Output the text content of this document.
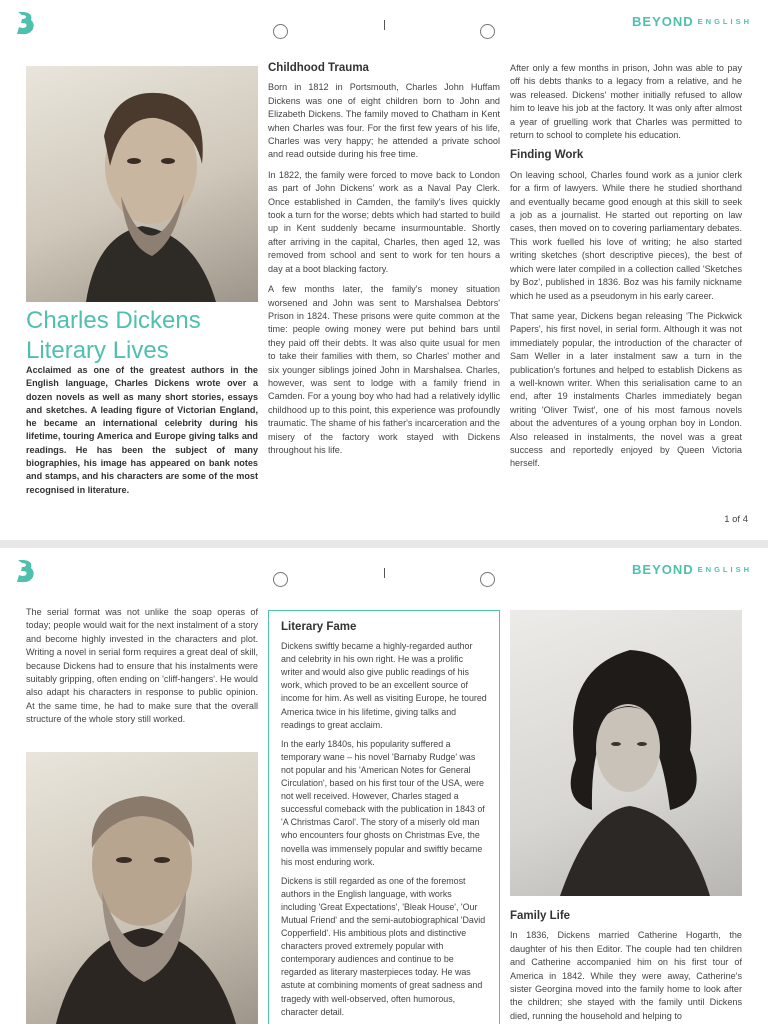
BEYOND $^{ENGLISH}$
Charles Dickens
Literary Lives
Acclaimed as one of the greatest authors in the English language, Charles Dickens wrote over a dozen novels as well as many short stories, essays and sketches. A leading figure of Victorian England, he became an international celebrity during his lifetime, touring America and Europe giving talks and readings. He has been the subject of many biographies, his image has appeared on bank notes and stamps, and his characters are some of the most recognised in literature.
Childhood Trauma

Born in 1812 in Portsmouth, Charles John Huffam Dickens was one of eight children born to John and Elizabeth Dickens. The family moved to Chatham in Kent when Charles was four. For the first few years of his life, Charles was very happy; he attended a private school and read outside during his free time.

In 1822, the family were forced to move back to London as part of John Dickens' work as a Naval Pay Clerk. Once established in Camden, the family's lives quickly took a turn for the worse; debts which had started to build up in Kent suddenly became insurmountable. Shortly after arriving in the capital, Charles, then aged 12, was removed from school and sent to work for ten hours a day at a boot blacking factory.

A few months later, the family's money situation worsened and John was sent to Marshalsea Debtors' Prison in 1824. These prisons were quite common at the time: people owing money were put behind bars until they paid off their debts. It was also quite usual for men to take their families with them, so Charles' mother and six younger siblings joined John in Marshalsea. Charles, however, was sent to lodge with a family friend in Camden. For a young boy who had had a relatively idyllic childhood up to this point, this experience was profoundly traumatic. The shame of his father's incarceration and the misery of the factory work stayed with Dickens throughout his life.

After only a few months in prison, John was able to pay off his debts thanks to a legacy from a relative, and he was released. Dickens' mother initially refused to allow him to leave his job at the factory. It was only after almost a year of gruelling work that Charles was permitted to return to school to complete his education.

Finding Work

On leaving school, Charles found work as a junior clerk for a firm of lawyers. While there he studied shorthand and eventually became good enough at this skill to seek a job as a journalist. He started out reporting on law cases, then moved on to covering parliamentary debates. This work fuelled his love of writing; he also started writing sketches (short descriptive pieces), the best of which were later compiled in a collection called 'Sketches by Boz', published in 1836. Boz was his family nickname which he used as a pseudonym in his early career.

That same year, Dickens began releasing 'The Pickwick Papers', his first novel, in serial form. Although it was not immediately popular, the introduction of the character of Sam Weller in a later instalment saw a turn in the publication's fortunes and helped to establish Dickens as a well-known writer. When this serialisation came to an end, after 19 instalments Charles immediately began writing 'Oliver Twist', one of his most famous novels about the adventures of a young orphan boy in London. Also released in instalments, the novel was a great success and reportedly enjoyed by Queen Victoria herself.

1 of 4
BEYOND $^{ENGLISH}$

The serial format was not unlike the soap operas of today; people would wait for the next instalment of a story and become highly invested in the characters and plot. Writing a novel in serial form requires a great deal of skill, because Dickens had to ensure that his instalments were suitably gripping, often ending on 'cliff-hangers'. He would also adapt his characters in response to public opinion. At the same time, he had to make sure that the overall structure of the whole story still worked.

Literary Fame

Dickens swiftly became a highly-regarded author and celebrity in his own right. He was a prolific writer and would also give public readings of his work, which proved to be an excellent source of income for him. As well as visiting Europe, he toured America twice in his lifetime, giving talks and readings to great acclaim.

In the early 1840s, his popularity suffered a temporary wane – his novel 'Barnaby Rudge' was not popular and his 'American Notes for General Circulation', based on his first tour of the USA, were not well received. However, Charles staged a successful comeback with the publication in 1843 of 'A Christmas Carol'. The story of a miserly old man who encounters four ghosts on Christmas Eve, the novella was immensely popular and swiftly became his most enduring work.

Dickens is still regarded as one of the foremost authors in the English language, with works including 'Great Expectations', 'Bleak House', 'Our Mutual Friend' and the semi-autobiographical 'David Copperfield'. His ambitious plots and distinctive characters proved extremely popular with contemporary audiences and continue to be regarded as literary masterpieces today. He was astute at combining moments of great sadness and tragedy with well-observed, often humorous, character detail.

Family Life

In 1836, Dickens married Catherine Hogarth, the daughter of his then Editor. The couple had ten children and Catherine accompanied him on his first tour of America in 1842. While they were away, Catherine's sister Georgina moved into the family home to look after the children; she stayed with the family until Dickens died, running the household and helping to
